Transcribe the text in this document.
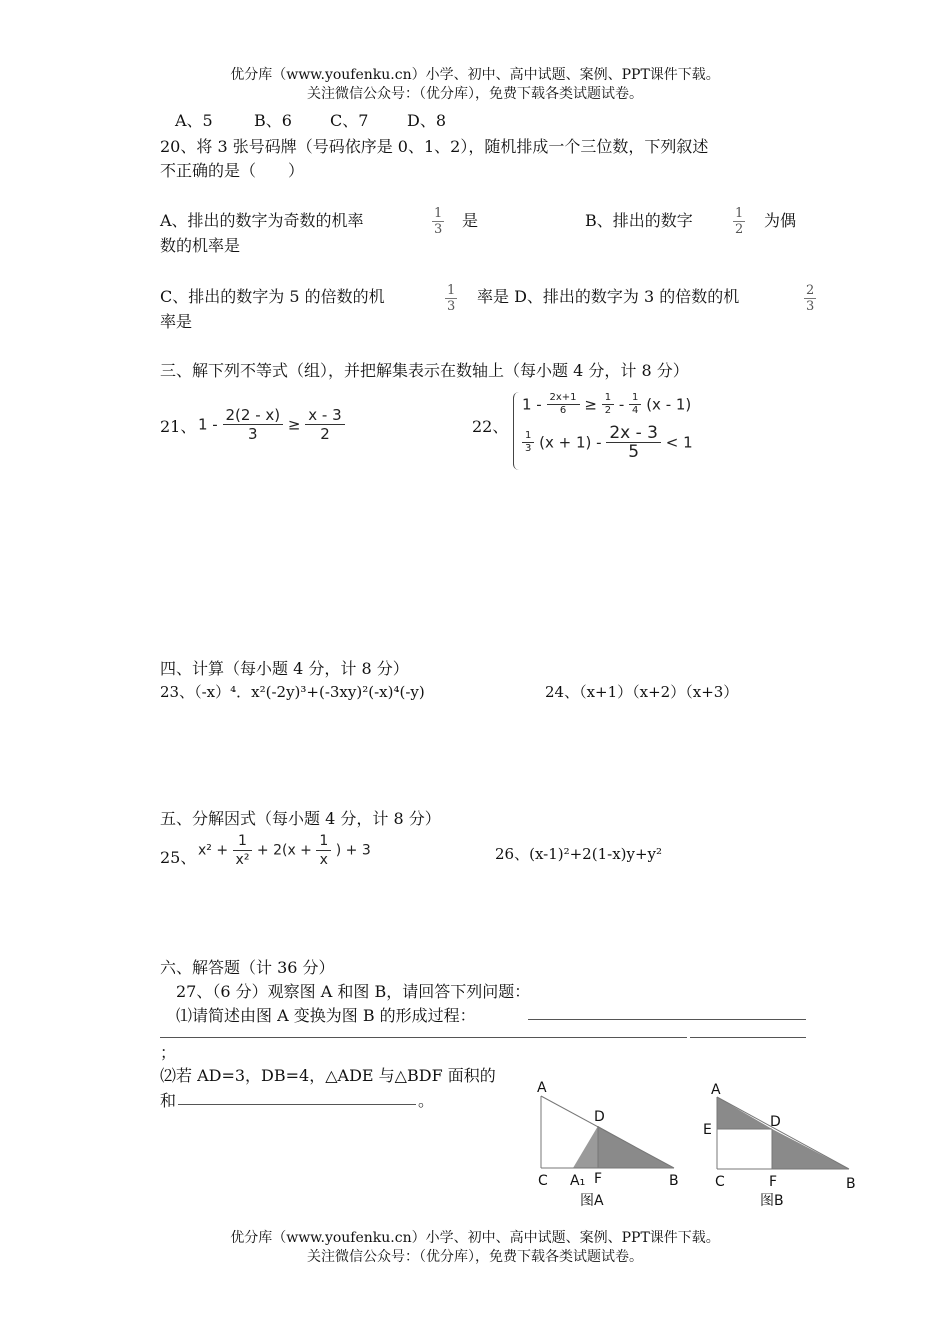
优分库（www.youfenku.cn）小学、初中、高中试题、案例、PPT课件下载。
关注微信公众号：（优分库），免费下载各类试题试卷。
A、5	B、6 C、7 D、8
20、将 3 张号码牌（号码依序是 0、1、2），随机排成一个三位数，下列叙述
不正确的是（　　）
A、排出的数字为奇数的机率	$\frac{1}{3}$ 是	B、排出的数字	$\frac{1}{2}$ 为偶
数的机率是
C、排出的数字为 5 的倍数的机	$\frac{1}{3}$ 率是 D、排出的数字为 3 的倍数的机	$\frac{2}{3}$
率是
三、解下列不等式（组），并把解集表示在数轴上（每小题 4 分，计 8 分）
21、 $1 - \frac{2(2 - x)}{3} \ge \frac{x - 3}{2}$	22、
$1 - \frac{2x+1}{6} \ge \frac{1}{2} - \frac{1}{4} (x - 1)$
$\frac{1}{3} (x + 1) - \frac{2x - 3}{5} < 1$
四、计算（每小题 4 分，计 8 分）
23、（-x）⁴．x²(-2y)³+(-3xy)²(-x)⁴(-y)	24、（x+1）（x+2）（x+3）
五、分解因式（每小题 4 分，计 8 分）
25、 $x^2 + \frac{1}{\text{x²}} + 2(x + \frac{1}{x}$ ) + 3	26、(x-1)²+2(1-x)y+y²
六、解答题（计 36 分）
27、（6 分）观察图 A 和图 B，请回答下列问题：
⑴请简述由图 A 变换为图 B 的形成过程：
；
⑵若 AD=3，DB=4，△ADE 与△BDF 面积的
和	。
A
D
C A₁ F	B
图A
A
D
E
C	F	B
图B
优分库（www.youfenku.cn）小学、初中、高中试题、案例、PPT课件下载。
关注微信公众号：（优分库），免费下载各类试题试卷。
